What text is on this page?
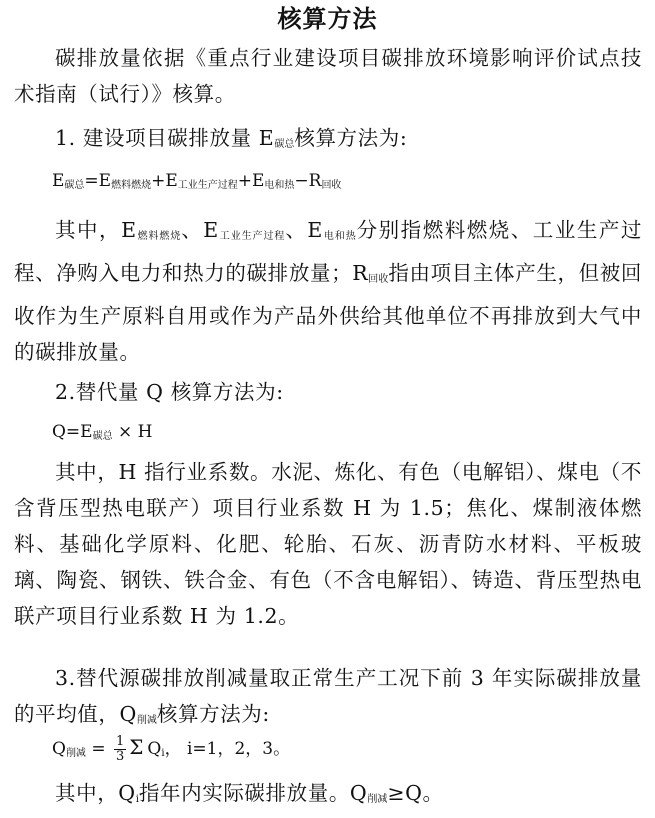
核算方法

碳排放量依据《重点行业建设项目碳排放环境影响评价试点技术指南（试行）》核算。

1. 建设项目碳排放量 $E_{碳总}$核算方法为:

$E_{碳总}=E_{燃料燃烧}+E_{工业生产过程}+E_{电和热}-R_{回收}$

其中，$E_{燃料燃烧}$、$E_{工业生产过程}$、$E_{电和热}$分别指燃料燃烧、工业生产过程、净购入电力和热力的碳排放量；$R_{回收}$指由项目主体产生，但被回收作为生产原料自用或作为产品外供给其他单位不再排放到大气中的碳排放量。

2.替代量 Q 核算方法为:

$Q=E_{碳总} \times H$

其中，H 指行业系数。水泥、炼化、有色（电解铝）、煤电（不含背压型热电联产）项目行业系数 H 为 1.5；焦化、煤制液体燃料、基础化学原料、化肥、轮胎、石灰、沥青防水材料、平板玻璃、陶瓷、钢铁、铁合金、有色（不含电解铝）、铸造、背压型热电联产项目行业系数 H 为 1.2。

3.替代源碳排放削减量取正常生产工况下前 3 年实际碳排放量的平均值，$Q_{削减}$核算方法为:

$Q_{削减} = \frac{1}{3}$ Σ $Q_i$， i=1，2，3。

其中，$Q_i$指年内实际碳排放量。$Q_{削减}\ge Q$。
